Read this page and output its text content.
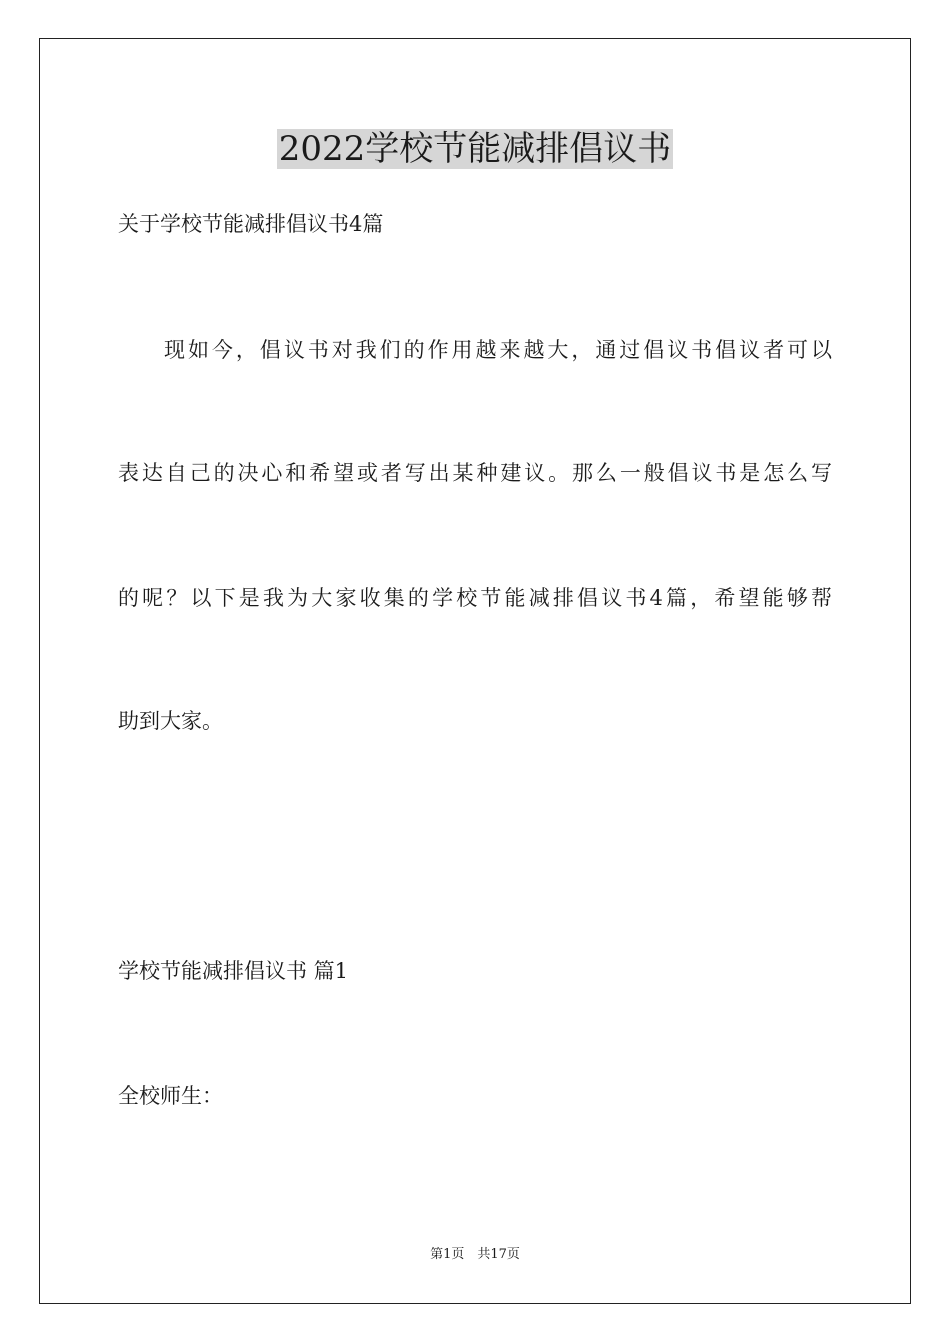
2022学校节能减排倡议书

关于学校节能减排倡议书4篇

现如今，倡议书对我们的作用越来越大，通过倡议书倡议者可以

表达自己的决心和希望或者写出某种建议。那么一般倡议书是怎么写

的呢？以下是我为大家收集的学校节能减排倡议书4篇，希望能够帮

助到大家。

学校节能减排倡议书 篇1

全校师生：

第1页　共17页
